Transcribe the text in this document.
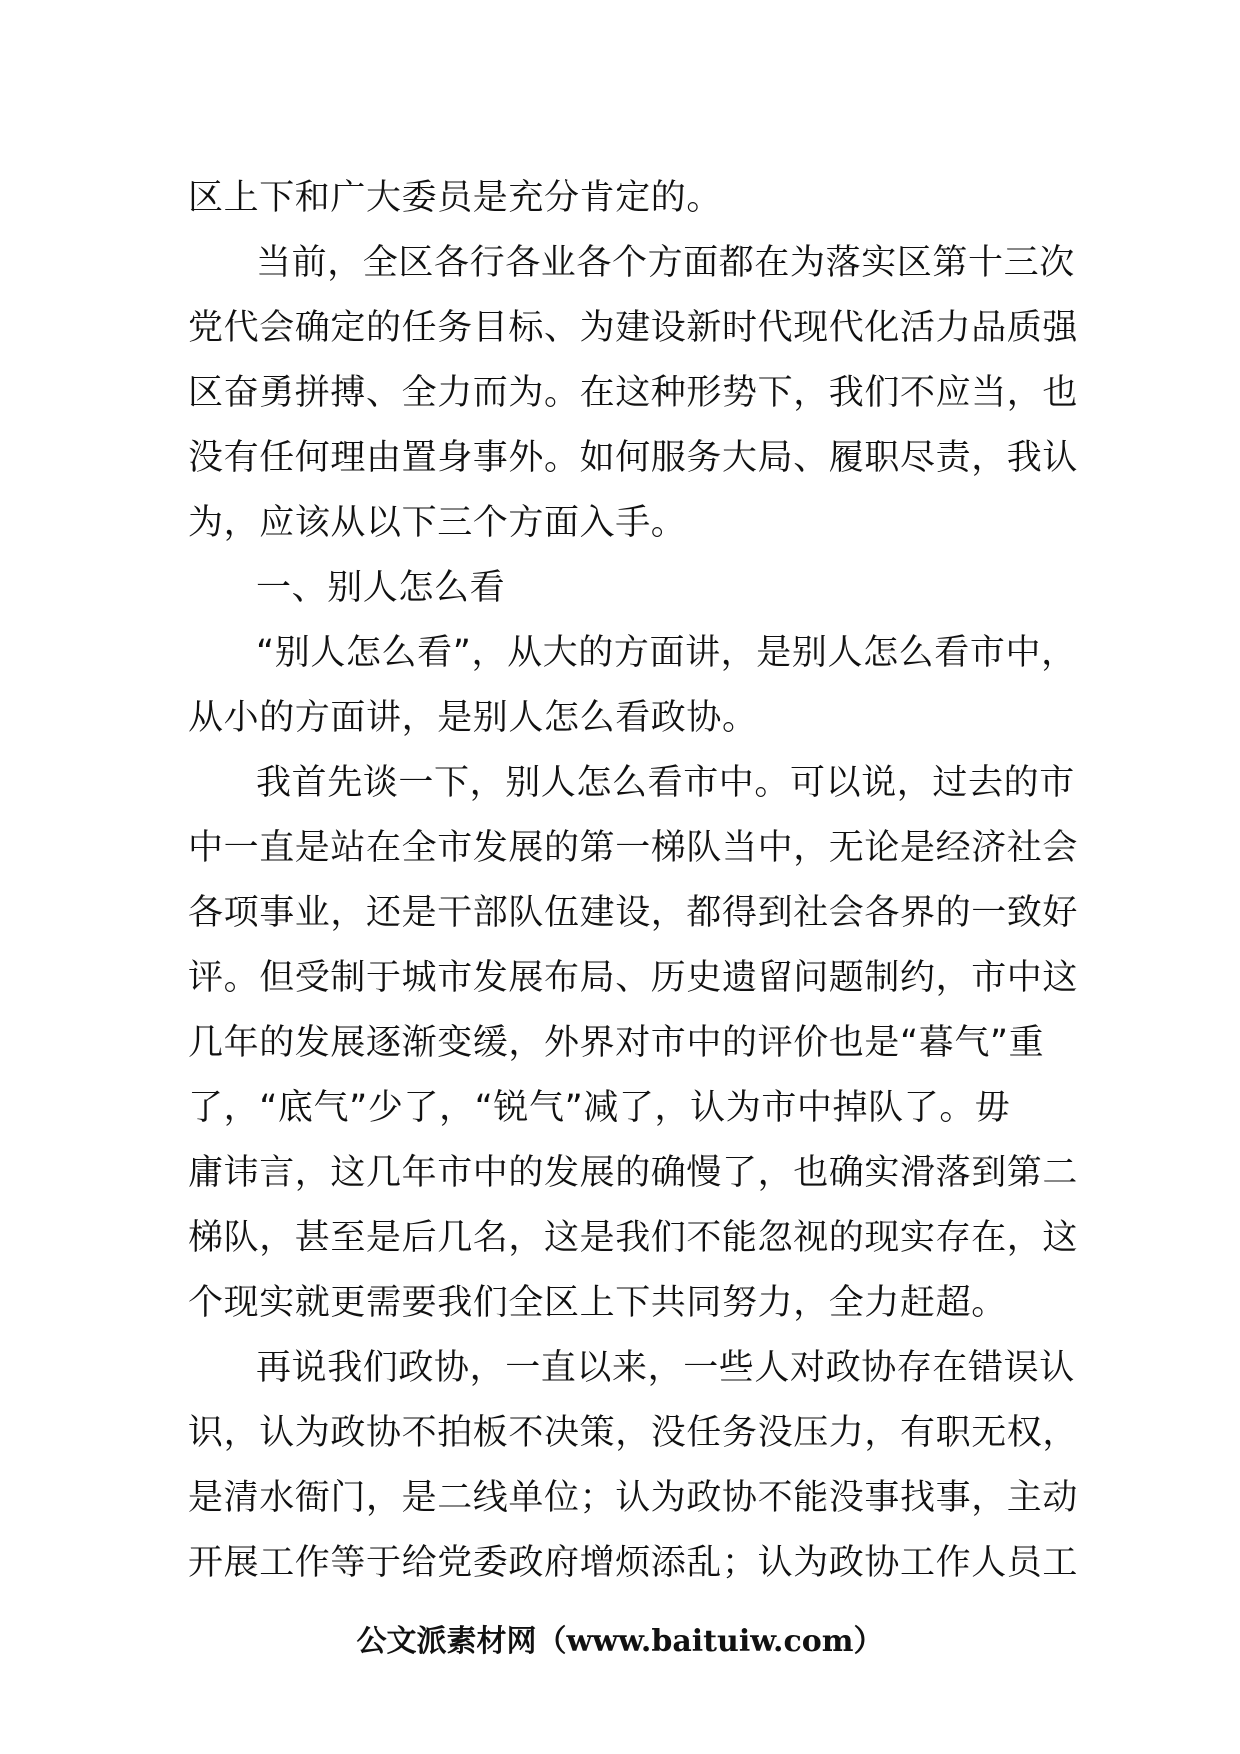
区上下和广大委员是充分肯定的。
当前，全区各行各业各个方面都在为落实区第十三次
党代会确定的任务目标、为建设新时代现代化活力品质强
区奋勇拼搏、全力而为。在这种形势下，我们不应当，也
没有任何理由置身事外。如何服务大局、履职尽责，我认
为，应该从以下三个方面入手。
一、别人怎么看
“别人怎么看”，从大的方面讲，是别人怎么看市中，
从小的方面讲，是别人怎么看政协。
我首先谈一下，别人怎么看市中。可以说，过去的市
中一直是站在全市发展的第一梯队当中，无论是经济社会
各项事业，还是干部队伍建设，都得到社会各界的一致好
评。但受制于城市发展布局、历史遗留问题制约，市中这
几年的发展逐渐变缓，外界对市中的评价也是“暮气”重
了，“底气”少了，“锐气”减了，认为市中掉队了。毋
庸讳言，这几年市中的发展的确慢了，也确实滑落到第二
梯队，甚至是后几名，这是我们不能忽视的现实存在，这
个现实就更需要我们全区上下共同努力，全力赶超。
再说我们政协，一直以来，一些人对政协存在错误认
识，认为政协不拍板不决策，没任务没压力，有职无权，
是清水衙门，是二线单位；认为政协不能没事找事，主动
开展工作等于给党委政府增烦添乱；认为政协工作人员工
公文派素材网（www.baituiw.com）
